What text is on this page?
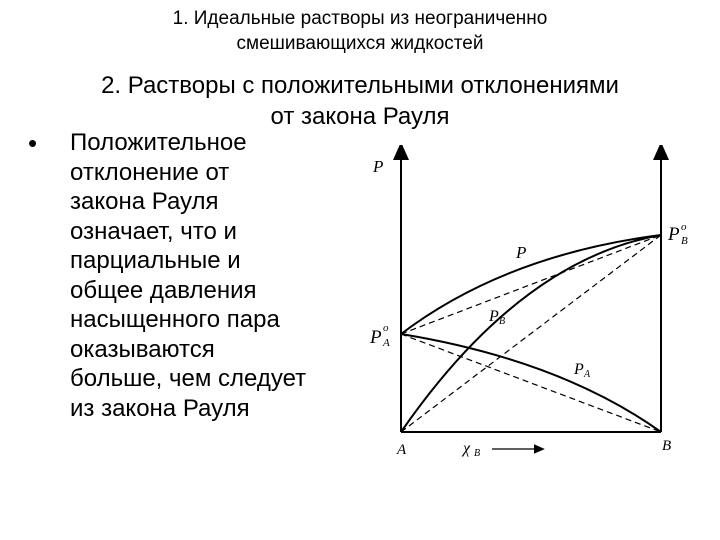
1. Идеальные растворы из неограниченно
смешивающихся жидкостей
2. Растворы с положительными отклонениями
от закона Рауля
• Положительное
отклонение от
закона Рауля
означает, что и
парциальные и
общее давления
насыщенного пара
оказываются
больше, чем следует
из закона Рауля
P
P
P B
o
P A
o
P B
P A
A	B
χ B
